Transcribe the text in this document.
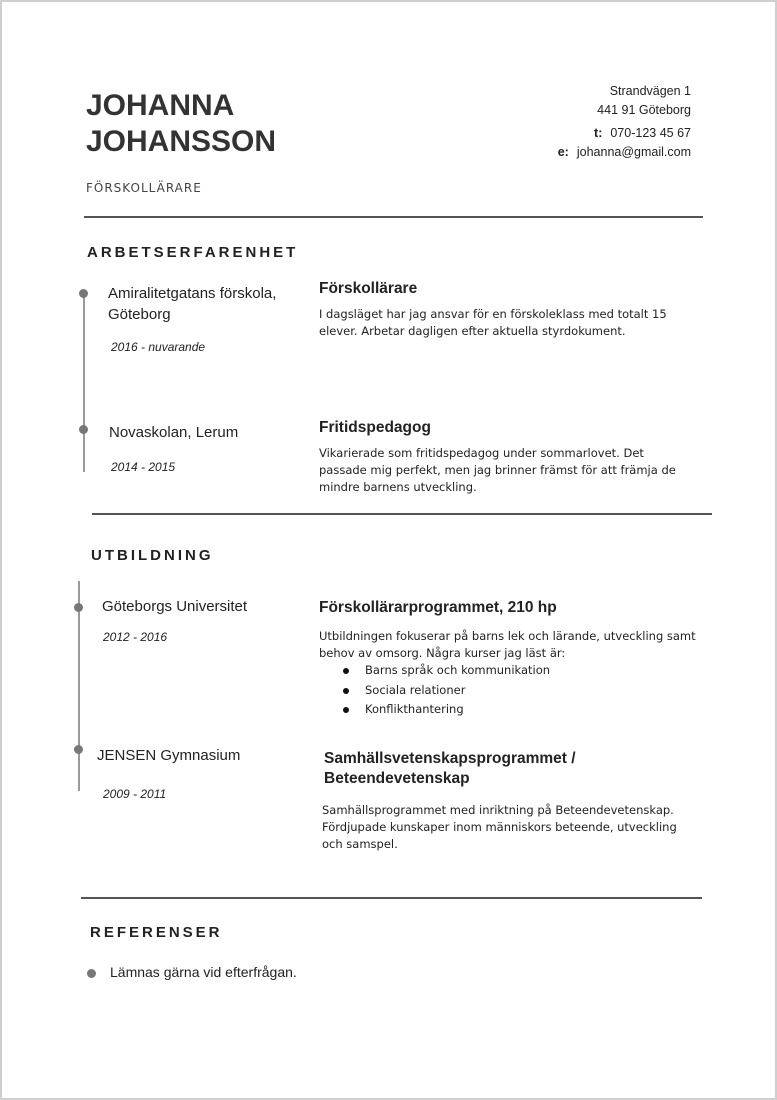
JOHANNA
JOHANSSON
FÖRSKOLLÄRARE
Strandvägen 1
441 91 Göteborg
t: 070-123 45 67
e: johanna@gmail.com
ARBETSERFARENHET
Amiralitetgatans förskola, Göteborg
2016 - nuvarande
Förskollärare
I dagsläget har jag ansvar för en förskoleklass med totalt 15 elever. Arbetar dagligen efter aktuella styrdokument.
Novaskolan, Lerum
2014 - 2015
Fritidspedagog
Vikarierade som fritidspedagog under sommarlovet. Det passade mig perfekt, men jag brinner främst för att främja de mindre barnens utveckling.
UTBILDNING
Göteborgs Universitet
2012 - 2016
Förskollärarprogrammet, 210 hp
Utbildningen fokuserar på barns lek och lärande, utveckling samt behov av omsorg. Några kurser jag läst är:
Barns språk och kommunikation
Sociala relationer
Konflikthantering
JENSEN Gymnasium
2009 - 2011
Samhällsvetenskapsprogrammet /
Beteendevetenskap
Samhällsprogrammet med inriktning på Beteendevetenskap. Fördjupade kunskaper inom människors beteende, utveckling och samspel.
REFERENSER
Lämnas gärna vid efterfrågan.
